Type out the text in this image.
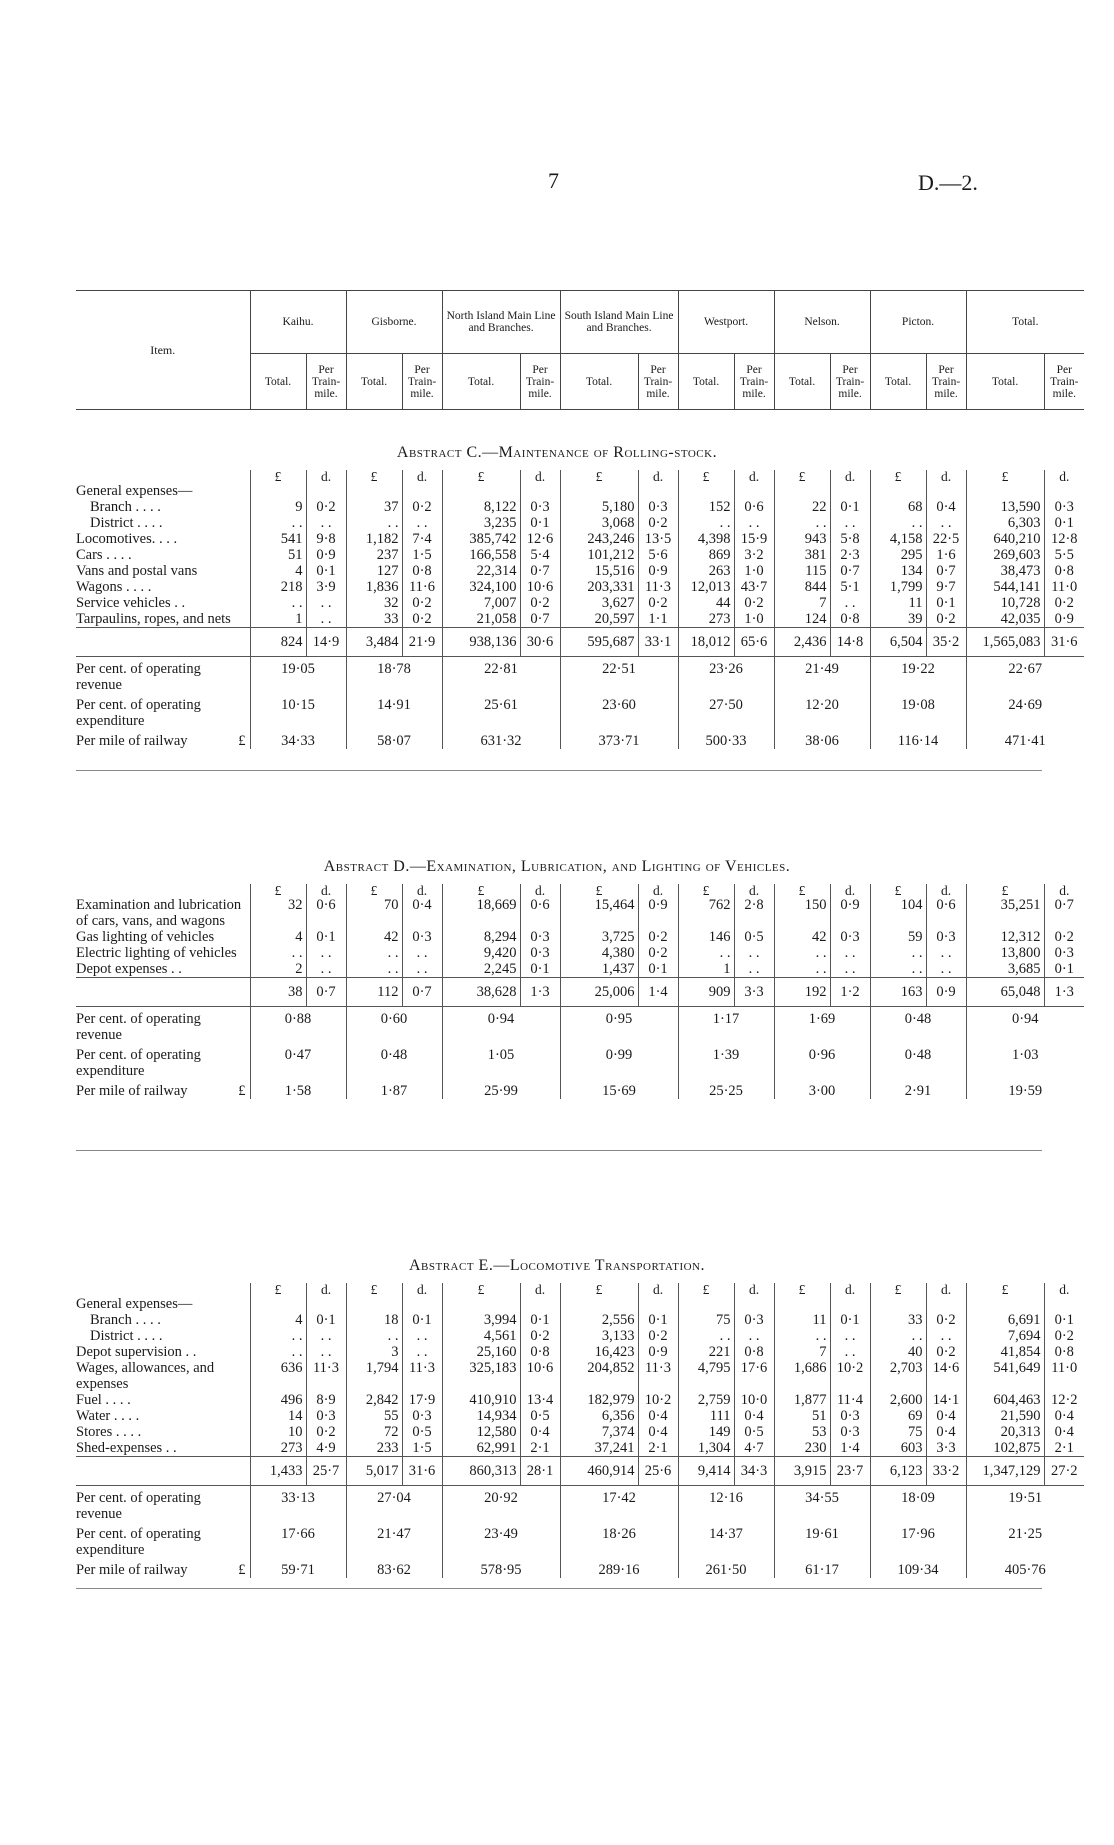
7	D.—2.
Item.	Kaihu.		Gisborne.		North Island Main Line and Branches.		South Island Main Line and Branches.		Westport.		Nelson.		Picton.		Total.	
	Total.	Per Train-mile.	Total.	Per Train-mile.	Total.	Per Train-mile.	Total.	Per Train-mile.	Total.	Per Train-mile.	Total.	Per Train-mile.	Total.	Per Train-mile.	Total.	Per Train-mile.
Abstract C.—Maintenance of Rolling-stock.
	£	d.	£	d.	£	d.	£	d.	£	d.	£	d.	£	d.	£	d.
General expenses—																
Branch . . . .	9	0·2	37	0·2	8,122	0·3	5,180	0·3	152	0·6	22	0·1	68	0·4	13,590	0·3
District . . . .	. .	. .	. .	. .	3,235	0·1	3,068	0·2	. .	. .	. .	. .	. .	. .	6,303	0·1
Locomotives. . . .	541	9·8	1,182	7·4	385,742	12·6	243,246	13·5	4,398	15·9	943	5·8	4,158	22·5	640,210	12·8
Cars . . . .	51	0·9	237	1·5	166,558	5·4	101,212	5·6	869	3·2	381	2·3	295	1·6	269,603	5·5
Vans and postal vans	4	0·1	127	0·8	22,314	0·7	15,516	0·9	263	1·0	115	0·7	134	0·7	38,473	0·8
Wagons . . . .	218	3·9	1,836	11·6	324,100	10·6	203,331	11·3	12,013	43·7	844	5·1	1,799	9·7	544,141	11·0
Service vehicles . .	. .	. .	32	0·2	7,007	0·2	3,627	0·2	44	0·2	7	. .	11	0·1	10,728	0·2
Tarpaulins, ropes, and nets	1	. .	33	0·2	21,058	0·7	20,597	1·1	273	1·0	124	0·8	39	0·2	42,035	0·9
	824	14·9	3,484	21·9	938,136	30·6	595,687	33·1	18,012	65·6	2,436	14·8	6,504	35·2	1,565,083	31·6
Per cent. of operating revenue	19·05		18·78		22·81		22·51		23·26		21·49		19·22		22·67	
Per cent. of operating expenditure	10·15		14·91		25·61		23·60		27·50		12·20		19·08		24·69	
Per mile of railway £	34·33		58·07		631·32		373·71		500·33		38·06		116·14		471·41	
Abstract D.—Examination, Lubrication, and Lighting of Vehicles.
	£	d.	£	d.	£	d.	£	d.	£	d.	£	d.	£	d.	£	d.
Examination and lubrication of cars, vans, and wagons	32	0·6	70	0·4	18,669	0·6	15,464	0·9	762	2·8	150	0·9	104	0·6	35,251	0·7
Gas lighting of vehicles	4	0·1	42	0·3	8,294	0·3	3,725	0·2	146	0·5	42	0·3	59	0·3	12,312	0·2
Electric lighting of vehicles	. .	. .	. .	. .	9,420	0·3	4,380	0·2	. .	. .	. .	. .	. .	. .	13,800	0·3
Depot expenses . .	2	. .	. .	. .	2,245	0·1	1,437	0·1	1	. .	. .	. .	. .	. .	3,685	0·1
	38	0·7	112	0·7	38,628	1·3	25,006	1·4	909	3·3	192	1·2	163	0·9	65,048	1·3
Per cent. of operating revenue	0·88		0·60		0·94		0·95		1·17		1·69		0·48		0·94	
Per cent. of operating expenditure	0·47		0·48		1·05		0·99		1·39		0·96		0·48		1·03	
Per mile of railway £	1·58		1·87		25·99		15·69		25·25		3·00		2·91		19·59	
Abstract E.—Locomotive Transportation.
	£	d.	£	d.	£	d.	£	d.	£	d.	£	d.	£	d.	£	d.
General expenses—																
Branch . . . .	4	0·1	18	0·1	3,994	0·1	2,556	0·1	75	0·3	11	0·1	33	0·2	6,691	0·1
District . . . .	. .	. .	. .	. .	4,561	0·2	3,133	0·2	. .	. .	. .	. .	. .	. .	7,694	0·2
Depot supervision . .	. .	. .	3	. .	25,160	0·8	16,423	0·9	221	0·8	7	. .	40	0·2	41,854	0·8
Wages, allowances, and expenses	636	11·3	1,794	11·3	325,183	10·6	204,852	11·3	4,795	17·6	1,686	10·2	2,703	14·6	541,649	11·0
Fuel . . . .	496	8·9	2,842	17·9	410,910	13·4	182,979	10·2	2,759	10·0	1,877	11·4	2,600	14·1	604,463	12·2
Water . . . .	14	0·3	55	0·3	14,934	0·5	6,356	0·4	111	0·4	51	0·3	69	0·4	21,590	0·4
Stores . . . .	10	0·2	72	0·5	12,580	0·4	7,374	0·4	149	0·5	53	0·3	75	0·4	20,313	0·4
Shed-expenses . .	273	4·9	233	1·5	62,991	2·1	37,241	2·1	1,304	4·7	230	1·4	603	3·3	102,875	2·1
	1,433	25·7	5,017	31·6	860,313	28·1	460,914	25·6	9,414	34·3	3,915	23·7	6,123	33·2	1,347,129	27·2
Per cent. of operating revenue	33·13		27·04		20·92		17·42		12·16		34·55		18·09		19·51	
Per cent. of operating expenditure	17·66		21·47		23·49		18·26		14·37		19·61		17·96		21·25	
Per mile of railway £	59·71		83·62		578·95		289·16		261·50		61·17		109·34		405·76	
